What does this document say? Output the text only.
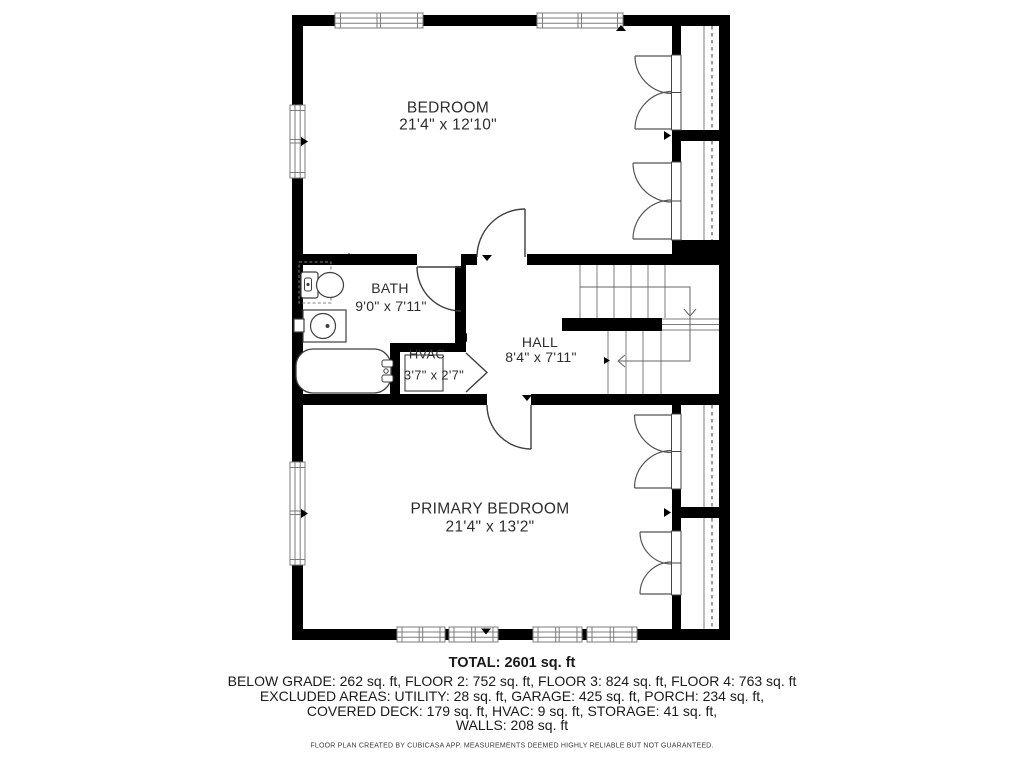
BEDROOM
21'4" x 12'10"
BATH
9'0" x 7'11"
HVAC
3'7" x 2'7"
HALL
8'4" x 7'11"
PRIMARY BEDROOM
21'4" x 13'2"
TOTAL: 2601 sq. ft
BELOW GRADE: 262 sq. ft, FLOOR 2: 752 sq. ft, FLOOR 3: 824 sq. ft, FLOOR 4: 763 sq. ft
EXCLUDED AREAS: UTILITY: 28 sq. ft, GARAGE: 425 sq. ft, PORCH: 234 sq. ft,
COVERED DECK: 179 sq. ft, HVAC: 9 sq. ft, STORAGE: 41 sq. ft,
WALLS: 208 sq. ft
FLOOR PLAN CREATED BY CUBICASA APP. MEASUREMENTS DEEMED HIGHLY RELIABLE BUT NOT GUARANTEED.
